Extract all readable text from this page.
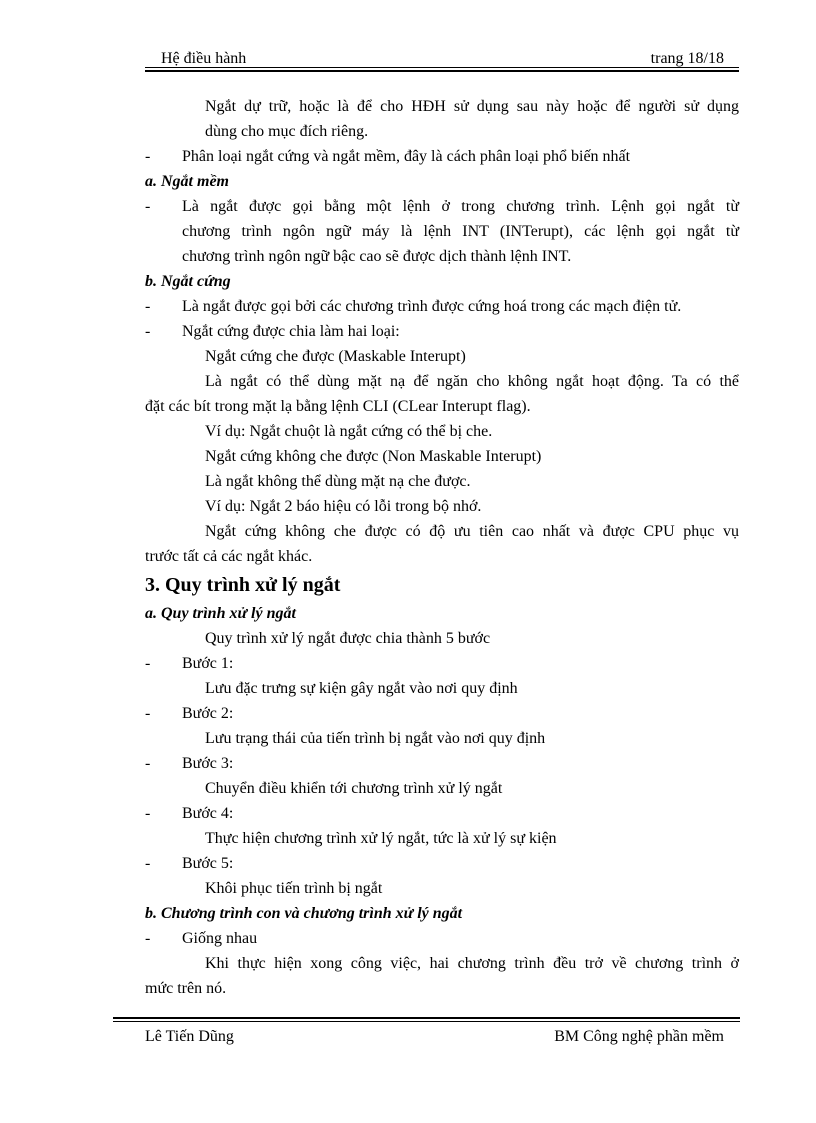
Hệ điều hành	trang 18/18
Ngắt dự trữ, hoặc là để cho HĐH sử dụng sau này hoặc để người sử dụng
dùng cho mục đích riêng.
- Phân loại ngắt cứng và ngắt mềm, đây là cách phân loại phổ biến nhất
a. Ngắt mềm
- Là ngắt được gọi bằng một lệnh ở trong chương trình. Lệnh gọi ngắt từ
chương trình ngôn ngữ máy là lệnh INT (INTerupt), các lệnh gọi ngắt từ
chương trình ngôn ngữ bậc cao sẽ được dịch thành lệnh INT.
b. Ngắt cứng
- Là ngắt được gọi bởi các chương trình được cứng hoá trong các mạch điện tử.
- Ngắt cứng được chia làm hai loại:
Ngắt cứng che được (Maskable Interupt)
Là ngắt có thể dùng mặt nạ để ngăn cho không ngắt hoạt động. Ta có thể
đặt các bít trong mặt lạ bằng lệnh CLI (CLear Interupt flag).
Ví dụ: Ngắt chuột là ngắt cứng có thể bị che.
Ngắt cứng không che được (Non Maskable Interupt)
Là ngắt không thể dùng mặt nạ che được.
Ví dụ: Ngắt 2 báo hiệu có lỗi trong bộ nhớ.
Ngắt cứng không che được có độ ưu tiên cao nhất và được CPU phục vụ
trước tất cả các ngắt khác.
3. Quy trình xử lý ngắt
a. Quy trình xử lý ngắt
Quy trình xử lý ngắt được chia thành 5 bước
- Bước 1:
Lưu đặc trưng sự kiện gây ngắt vào nơi quy định
- Bước 2:
Lưu trạng thái của tiến trình bị ngắt vào nơi quy định
- Bước 3:
Chuyển điều khiển tới chương trình xử lý ngắt
- Bước 4:
Thực hiện chương trình xử lý ngắt, tức là xử lý sự kiện
- Bước 5:
Khôi phục tiến trình bị ngắt
b. Chương trình con và chương trình xử lý ngắt
- Giống nhau
Khi thực hiện xong công việc, hai chương trình đều trở về chương trình ở
mức trên nó.
Lê Tiến Dũng	BM Công nghệ phần mềm
